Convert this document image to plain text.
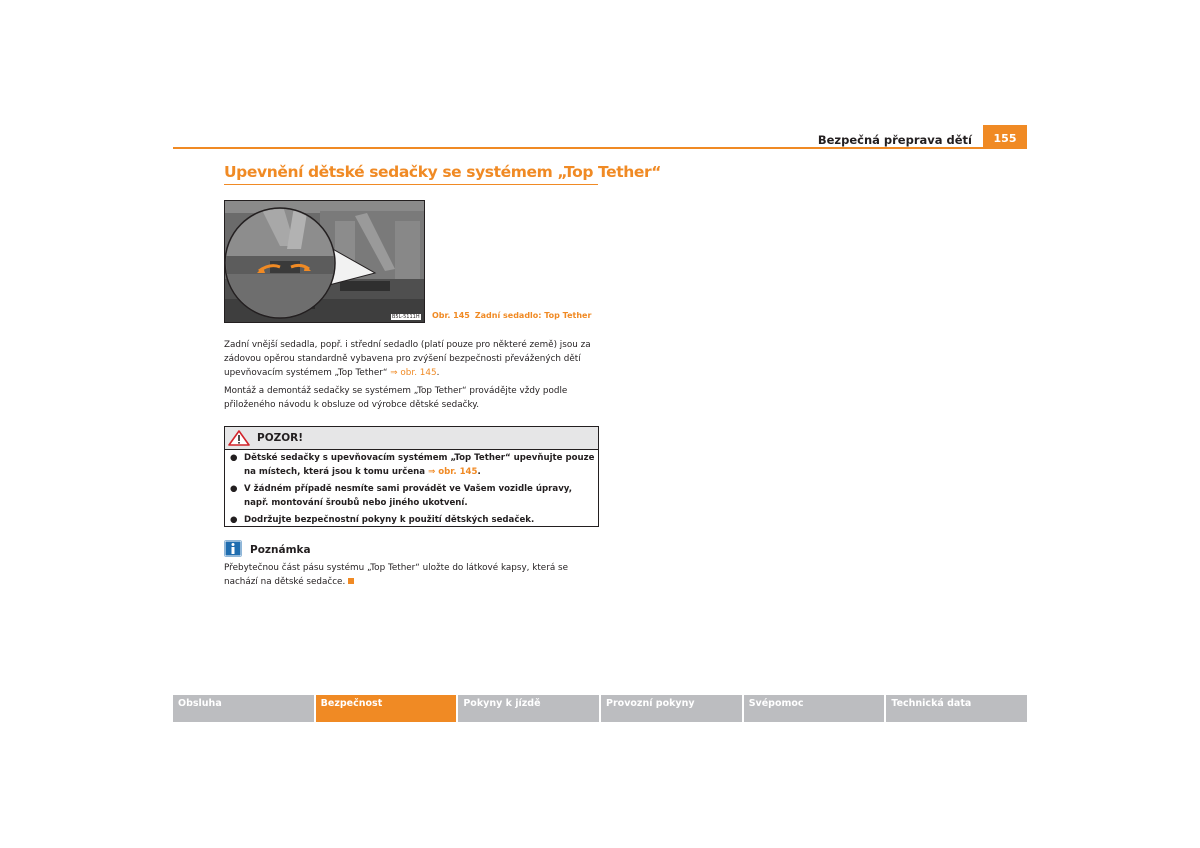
Bezpečná přeprava dětí	155
Upevnění dětské sedačky se systémem „Top Tether“
B5L-5111H Obr. 145 Zadní sedadlo: Top Tether
Zadní vnější sedadla, popř. i střední sedadlo (platí pouze pro některé země) jsou za zádovou opěrou standardně vybavena pro zvýšení bezpečnosti převážených dětí upevňovacím systémem „Top Tether“ ⇒ obr. 145.
Montáž a demontáž sedačky se systémem „Top Tether“ provádějte vždy podle přiloženého návodu k obsluze od výrobce dětské sedačky.
POZOR!
● Dětské sedačky s upevňovacím systémem „Top Tether“ upevňujte pouze na místech, která jsou k tomu určena ⇒ obr. 145.
● V žádném případě nesmíte sami provádět ve Vašem vozidle úpravy, např. montování šroubů nebo jiného ukotvení.
● Dodržujte bezpečnostní pokyny k použití dětských sedaček.
Poznámka
Přebytečnou část pásu systému „Top Tether“ uložte do látkové kapsy, která se nachází na dětské sedačce.
Obsluha	Bezpečnost	Pokyny k jízdě	Provozní pokyny	Svépomoc	Technická data
